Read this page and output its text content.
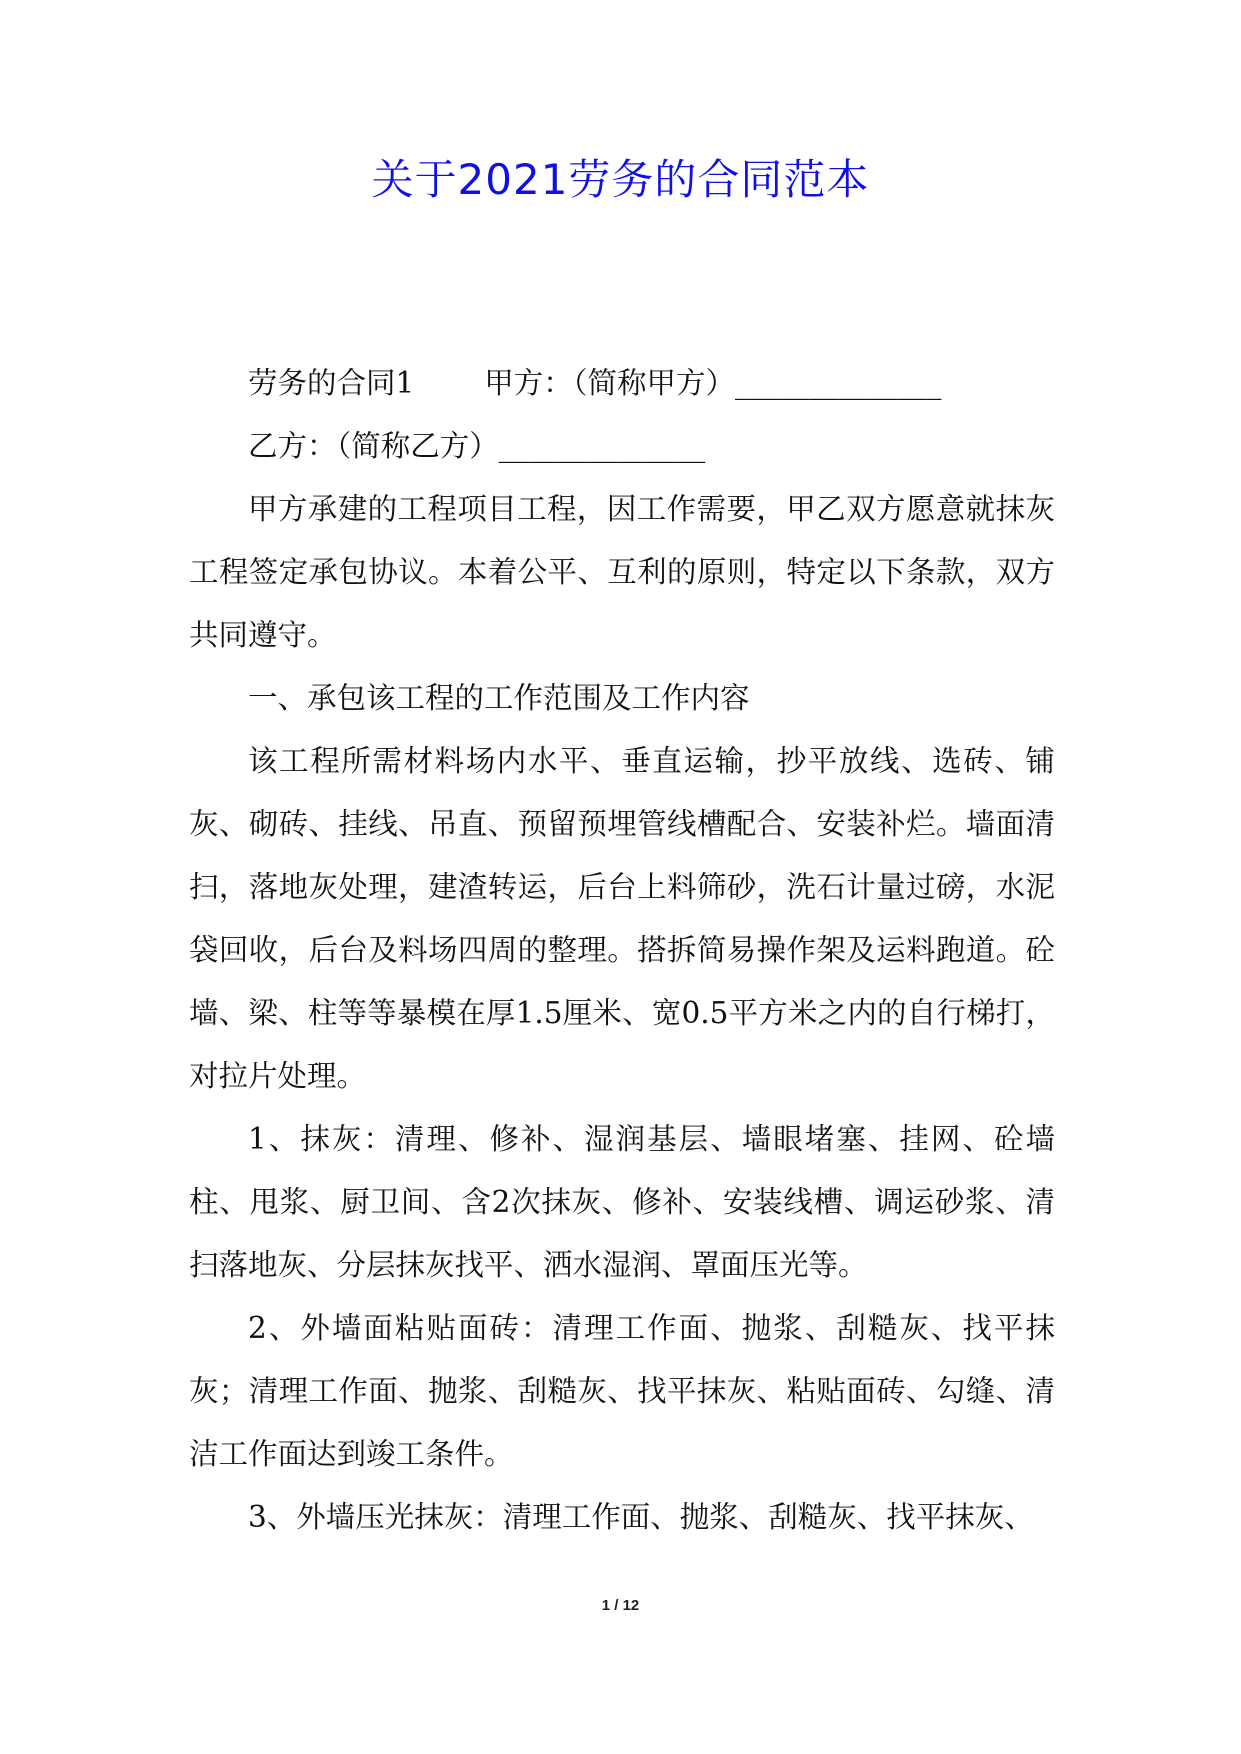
关于2021劳务的合同范本

劳务的合同1 甲方：（简称甲方）______________

乙方：（简称乙方）______________

甲方承建的工程项目工程，因工作需要，甲乙双方愿意就抹灰工程签定承包协议。本着公平、互利的原则，特定以下条款，双方共同遵守。

一、承包该工程的工作范围及工作内容

该工程所需材料场内水平、垂直运输，抄平放线、选砖、铺灰、砌砖、挂线、吊直、预留预埋管线槽配合、安装补烂。墙面清扫，落地灰处理，建渣转运，后台上料筛砂，洗石计量过磅，水泥袋回收，后台及料场四周的整理。搭拆简易操作架及运料跑道。砼墙、梁、柱等等暴模在厚1.5厘米、宽0.5平方米之内的自行梯打，对拉片处理。

1、抹灰：清理、修补、湿润基层、墙眼堵塞、挂网、砼墙柱、甩浆、厨卫间、含2次抹灰、修补、安装线槽、调运砂浆、清扫落地灰、分层抹灰找平、洒水湿润、罩面压光等。

2、外墙面粘贴面砖：清理工作面、抛浆、刮糙灰、找平抹灰；清理工作面、抛浆、刮糙灰、找平抹灰、粘贴面砖、勾缝、清洁工作面达到竣工条件。

3、外墙压光抹灰：清理工作面、抛浆、刮糙灰、找平抹灰、

1 / 12
